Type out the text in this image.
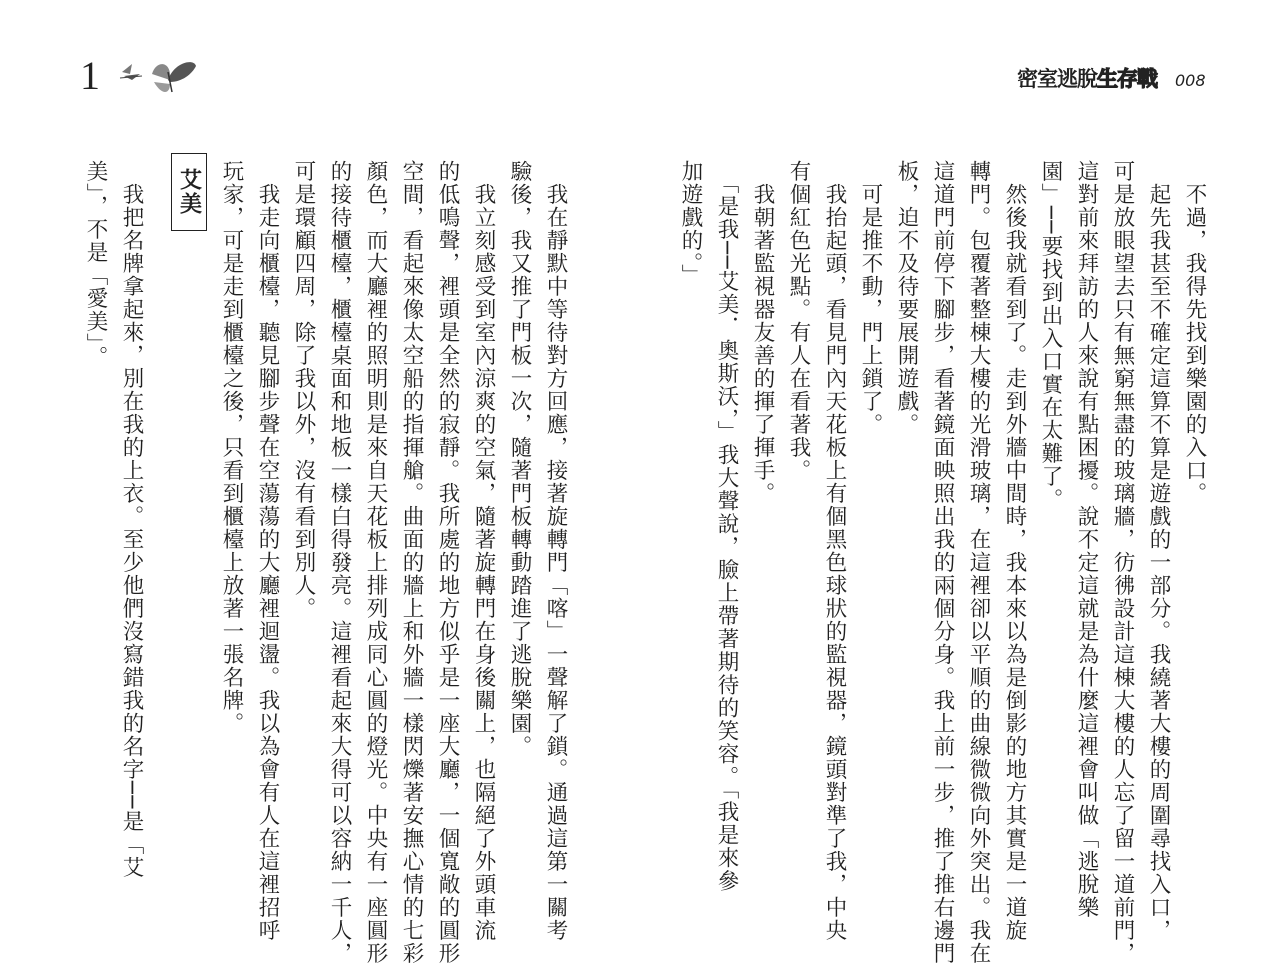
1	密室逃脫生存戰 008
　不過，我得先找到樂園的入口。
　起先我甚至不確定這算不算是遊戲的一部分。我繞著大樓的周圍尋找入口，
可是放眼望去只有無窮無盡的玻璃牆，彷彿設計這棟大樓的人忘了留一道前門，
這對前來拜訪的人來說有點困擾。說不定這就是為什麼這裡會叫做「逃脫樂
園」──要找到出入口實在太難了。
　然後我就看到了。走到外牆中間時，我本來以為是倒影的地方其實是一道旋
轉門。包覆著整棟大樓的光滑玻璃，在這裡卻以平順的曲線微微向外突出。我在
這道門前停下腳步，看著鏡面映照出我的兩個分身。我上前一步，推了推右邊門
板，迫不及待要展開遊戲。
　可是推不動，門上鎖了。
　我抬起頭，看見門內天花板上有個黑色球狀的監視器，鏡頭對準了我，中央
有個紅色光點。有人在看著我。
　我朝著監視器友善的揮了揮手。
　「是我──艾美．奧斯沃，」我大聲說，臉上帶著期待的笑容。「我是來參
加遊戲的。」
　我在靜默中等待對方回應，接著旋轉門「喀」一聲解了鎖。通過這第一關考
驗後，我又推了門板一次，隨著門板轉動踏進了逃脫樂園。
　我立刻感受到室內涼爽的空氣，隨著旋轉門在身後關上，也隔絕了外頭車流
的低鳴聲，裡頭是全然的寂靜。我所處的地方似乎是一座大廳，一個寬敞的圓形
空間，看起來像太空船的指揮艙。曲面的牆上和外牆一樣閃爍著安撫心情的七彩
顏色，而大廳裡的照明則是來自天花板上排列成同心圓的燈光。中央有一座圓形
的接待櫃檯，櫃檯桌面和地板一樣白得發亮。這裡看起來大得可以容納一千人，
可是環顧四周，除了我以外，沒有看到別人。
　我走向櫃檯，聽見腳步聲在空蕩蕩的大廳裡迴盪。我以為會有人在這裡招呼
玩家，可是走到櫃檯之後，只看到櫃檯上放著一張名牌。
艾美
　我把名牌拿起來，別在我的上衣。至少他們沒寫錯我的名字──是「艾
美」，不是「愛美」。
